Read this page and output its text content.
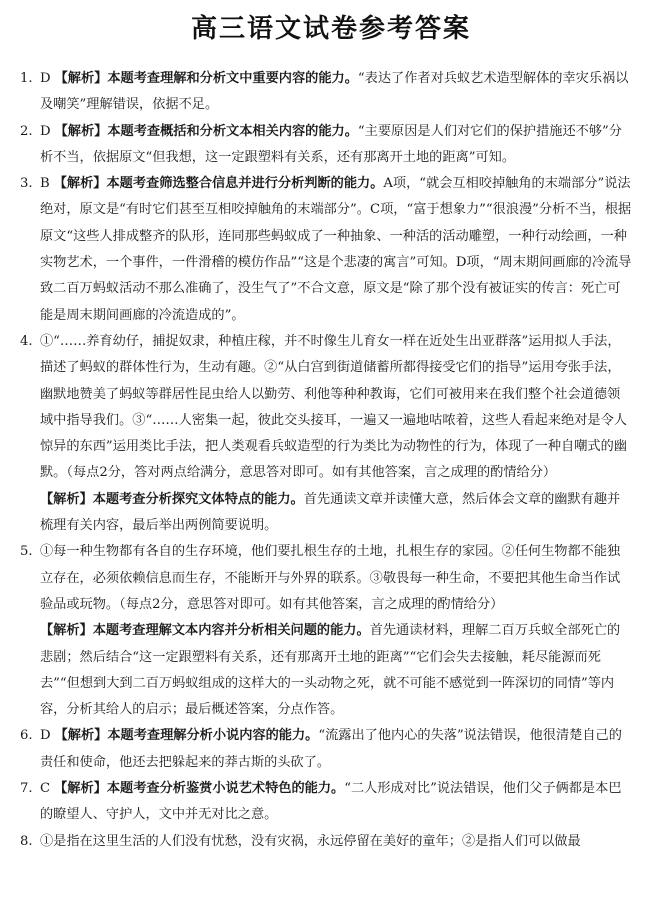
高三语文试卷参考答案
1. D 【解析】本题考查理解和分析文中重要内容的能力。“表达了作者对兵蚁艺术造型解体的幸灾乐祸以及嘲笑”理解错误，依据不足。
2. D 【解析】本题考查概括和分析文本相关内容的能力。“主要原因是人们对它们的保护措施还不够”分析不当，依据原文“但我想，这一定跟塑料有关系，还有那离开土地的距离”可知。
3. B 【解析】本题考查筛选整合信息并进行分析判断的能力。A项，“就会互相咬掉触角的末端部分”说法绝对，原文是“有时它们甚至互相咬掉触角的末端部分”。C项，“富于想象力”“很浪漫”分析不当，根据原文“这些人排成整齐的队形，连同那些蚂蚁成了一种抽象、一种活的活动雕塑，一种行动绘画，一种实物艺术，一个事件，一件滑稽的模仿作品”“这是个悲凄的寓言”可知。D项，“周末期间画廊的冷流导致二百万蚂蚁活动不那么准确了，没生气了”不合文意，原文是“除了那个没有被证实的传言：死亡可能是周末期间画廊的冷流造成的”。
4. ①“……养育幼仔，捕捉奴隶，种植庄稼，并不时像生儿育女一样在近处生出亚群落”运用拟人手法，描述了蚂蚁的群体性行为，生动有趣。②“从白宫到街道储蓄所都得接受它们的指导”运用夸张手法，幽默地赞美了蚂蚁等群居性昆虫给人以勤劳、利他等种种教诲，它们可被用来在我们整个社会道德领域中指导我们。③“……人密集一起，彼此交头接耳，一遍又一遍地咕哝着，这些人看起来绝对是令人惊异的东西”运用类比手法，把人类观看兵蚁造型的行为类比为动物性的行为，体现了一种自嘲式的幽默。（每点2分，答对两点给满分，意思答对即可。如有其他答案，言之成理的酌情给分）
【解析】本题考查分析探究文体特点的能力。首先通读文章并读懂大意，然后体会文章的幽默有趣并梳理有关内容，最后举出两例简要说明。
5. ①每一种生物都有各自的生存环境，他们要扎根生存的土地，扎根生存的家园。②任何生物都不能独立存在，必须依赖信息而生存，不能断开与外界的联系。③敬畏每一种生命，不要把其他生命当作试验品或玩物。（每点2分，意思答对即可。如有其他答案，言之成理的酌情给分）
【解析】本题考查理解文本内容并分析相关问题的能力。首先通读材料，理解二百万兵蚁全部死亡的悲剧；然后结合“这一定跟塑料有关系，还有那离开土地的距离”“它们会失去接触，耗尽能源而死去”“但想到大到二百万蚂蚁组成的这样大的一头动物之死，就不可能不感觉到一阵深切的同情”等内容，分析其给人的启示；最后概述答案，分点作答。
6. D 【解析】本题考查理解分析小说内容的能力。“流露出了他内心的失落”说法错误，他很清楚自己的责任和使命，他还去把躲起来的莽古斯的头砍了。
7. C 【解析】本题考查分析鉴赏小说艺术特色的能力。“二人形成对比”说法错误，他们父子俩都是本巴的瞭望人、守护人，文中并无对比之意。
8. ①是指在这里生活的人们没有忧愁，没有灾祸，永远停留在美好的童年；②是指人们可以做最
